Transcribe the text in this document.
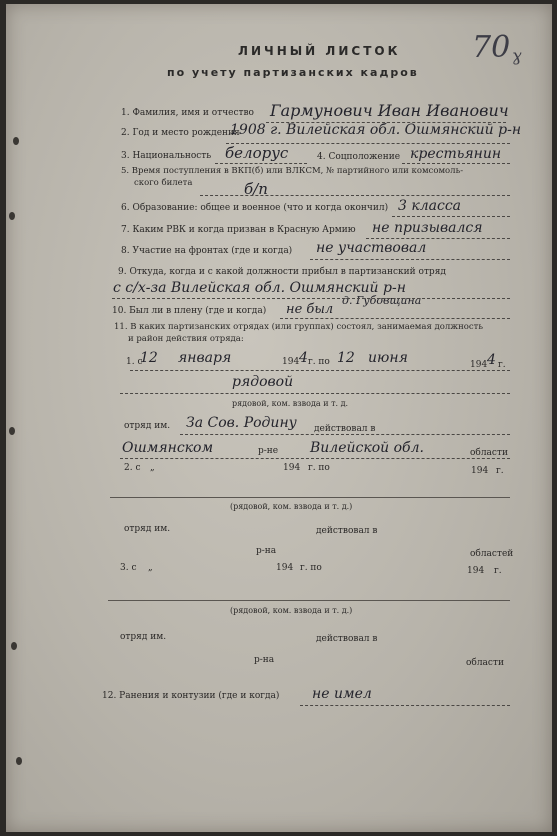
ЛИЧНЫЙ ЛИСТОК
по учету партизанских кадров
70 ɣ
1. Фамилия, имя и отчество Гармунович Иван Иванович
2. Год и место рождения
1908 г. Вилейская обл. Ошмянский р-н
3. Национальность белорус	4. Соцположение крестьянин
5. Время поступления в ВКП(б) или ВЛКСМ, № партийного или комсомоль-
ского билета	б/п
6. Образование: общее и военное (что и когда окончил) 3 класса
7. Каким РВК и когда призван в Красную Армию не призывался
8. Участие на фронтах (где и когда) не участвовал
9. Откуда, когда и с какой должности прибыл в партизанский отряд
с с/х-за Вилейская обл. Ошмянский р-н
д. Губовщина
10. Был ли в плену (где и когда) не был
11. В каких партизанских отрядах (или группах) состоял, занимаемая должность
и район действия отряда:
1. с
12 января	194 4 г. по 12 июня	194 4 г.
рядовой
рядовой, ком. взвода и т. д.
отряд им. За Сов. Родину действовал в
Ошмянском	р-не Вилейской обл.	области
2. с „	194 г. по	194 г.
(рядовой, ком. взвода и т. д.)
отряд им.	действовал в
р-на	областей
3. с „	194 г. по	194 г.
(рядовой, ком. взвода и т. д.)
отряд им.	действовал в
р-на	области
12. Ранения и контузии (где и когда) не имел
